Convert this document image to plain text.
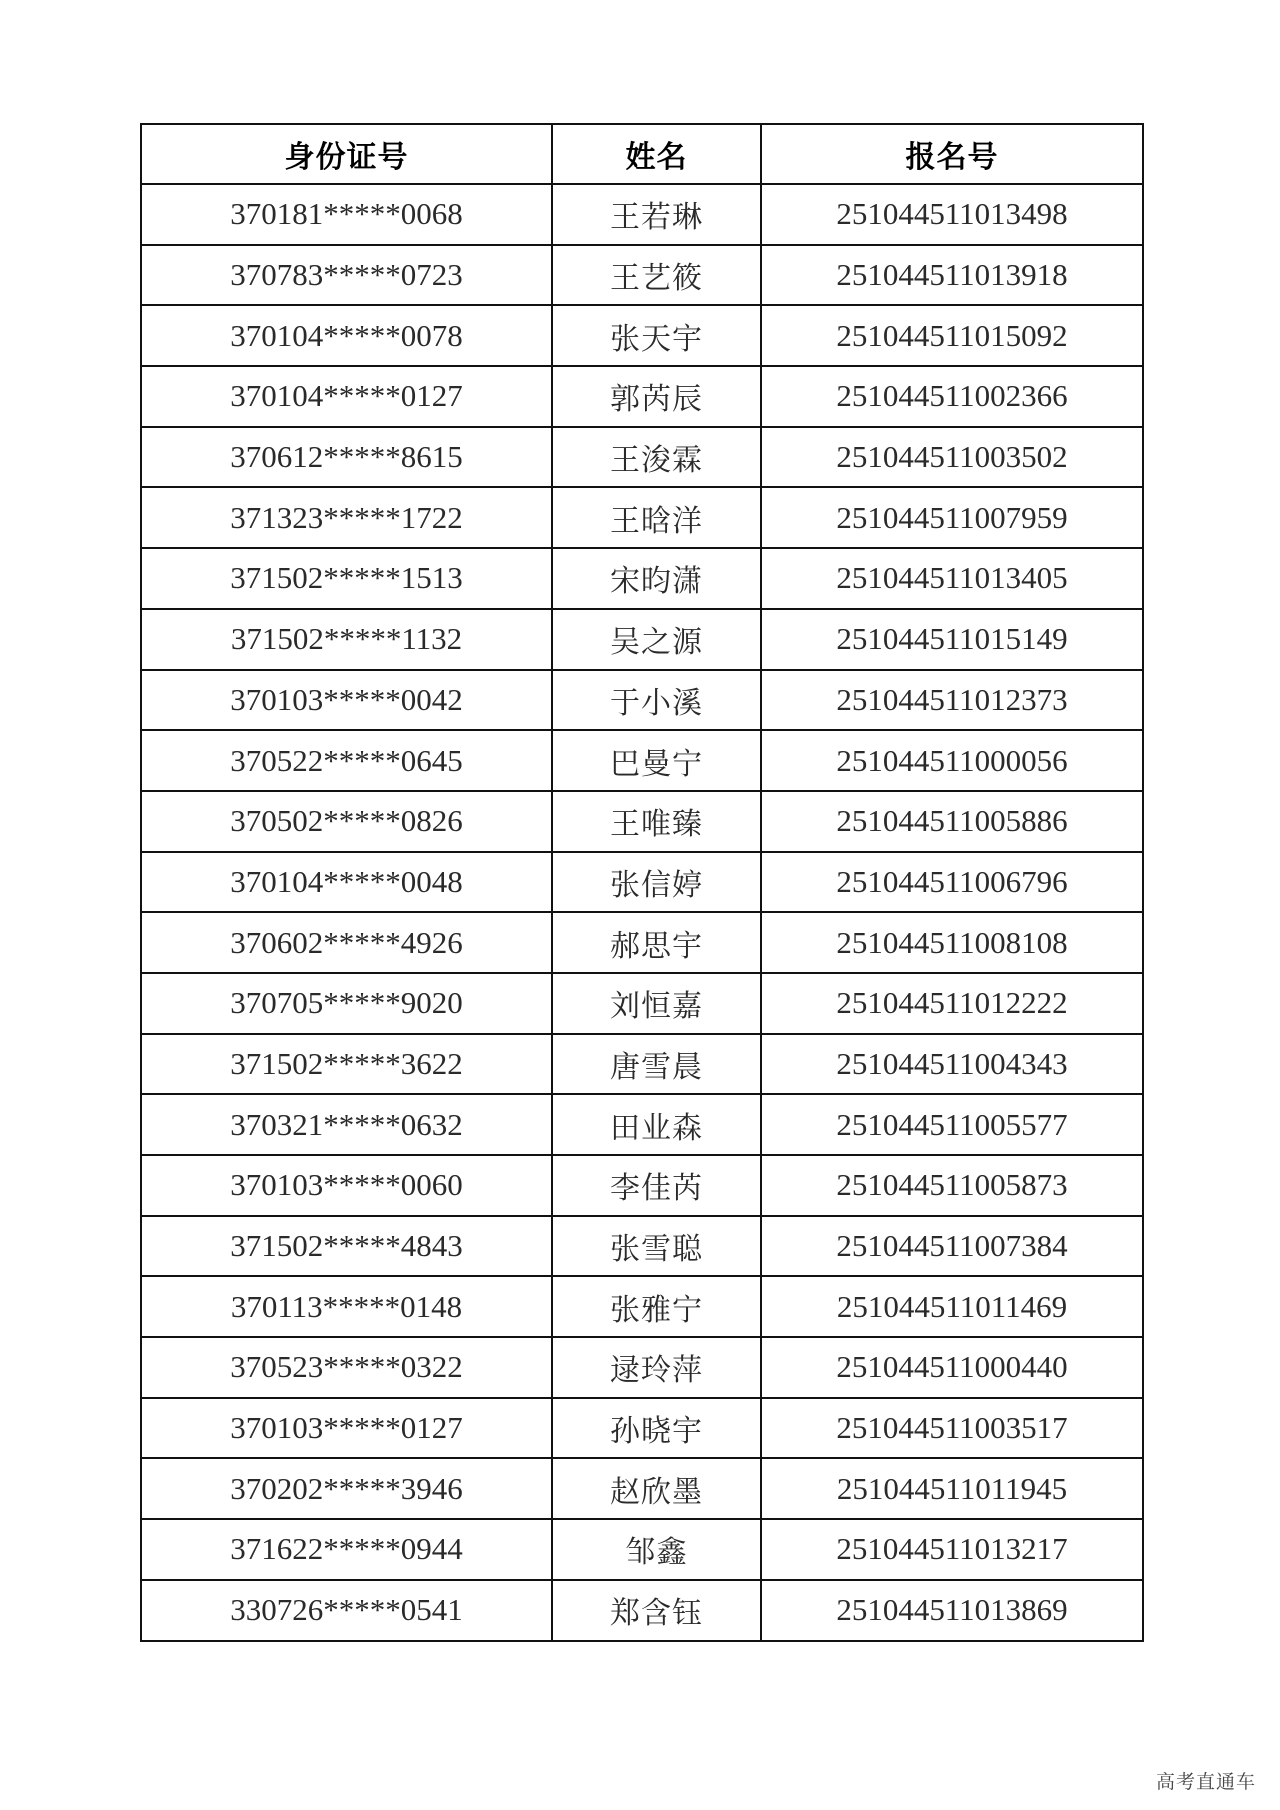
身份证号	姓名	报名号
370181*****0068	王若琳	251044511013498
370783*****0723	王艺筱	251044511013918
370104*****0078	张天宇	251044511015092
370104*****0127	郭芮辰	251044511002366
370612*****8615	王浚霖	251044511003502
371323*****1722	王晗洋	251044511007959
371502*****1513	宋昀潇	251044511013405
371502*****1132	吴之源	251044511015149
370103*****0042	于小溪	251044511012373
370522*****0645	巴曼宁	251044511000056
370502*****0826	王唯臻	251044511005886
370104*****0048	张信婷	251044511006796
370602*****4926	郝思宇	251044511008108
370705*****9020	刘恒嘉	251044511012222
371502*****3622	唐雪晨	251044511004343
370321*****0632	田业森	251044511005577
370103*****0060	李佳芮	251044511005873
371502*****4843	张雪聪	251044511007384
370113*****0148	张雅宁	251044511011469
370523*****0322	逯玲萍	251044511000440
370103*****0127	孙晓宇	251044511003517
370202*****3946	赵欣墨	251044511011945
371622*****0944	邹鑫	251044511013217
330726*****0541	郑含钰	251044511013869
高考直通车
